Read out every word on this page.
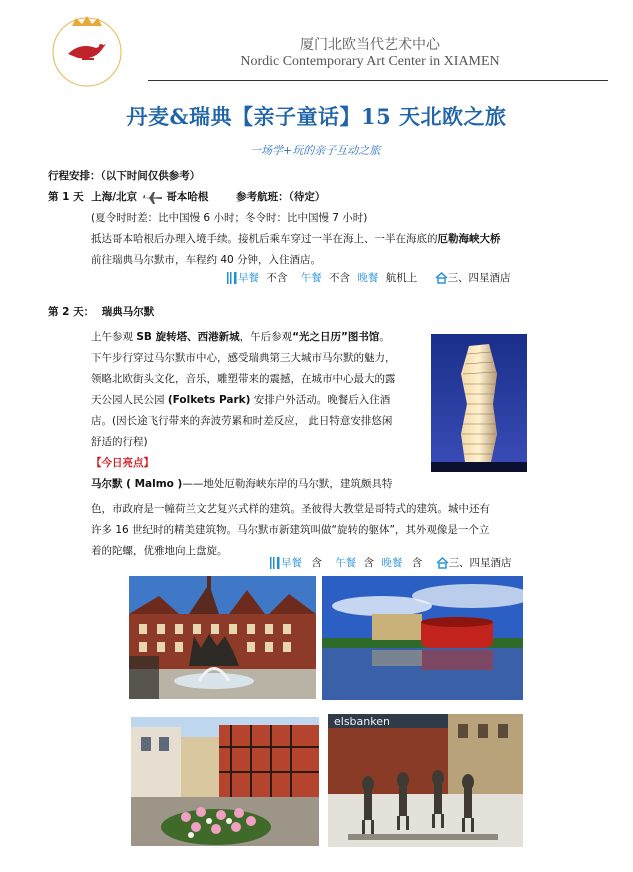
厦门北欧当代艺术中心
Nordic Contemporary Art Center in XIAMEN
丹麦&瑞典【亲子童话】15 天北欧之旅
一场学+玩的亲子互动之旅
行程安排：（以下时间仅供参考）
第 1 天 上海/北京	哥本哈根	参考航班：（待定）
(夏令时时差：比中国慢 6 小时；冬令时：比中国慢 7 小时)
抵达哥本哈根后办理入境手续。接机后乘车穿过一半在海上、一半在海底的厄勒海峡大桥
前往瑞典马尔默市，车程约 40 分钟，入住酒店。
早餐 不含 午餐 不含 晚餐 航机上	三、四星酒店
第 2 天： 瑞典马尔默
上午参观 SB 旋转塔、西港新城，午后参观“光之日历”图书馆。
下午步行穿过马尔默市中心，感受瑞典第三大城市马尔默的魅力，
领略北欧街头文化，音乐，雕塑带来的震撼，在城市中心最大的露
天公园人民公园 (Folkets Park) 安排户外活动。晚餐后入住酒
店。(因长途飞行带来的奔波劳累和时差反应， 此日特意安排悠闲
舒适的行程)
【今日亮点】
马尔默 ( Malmo )——地处厄勒海峡东岸的马尔默，建筑颇具特
色，市政府是一幢荷兰文艺复兴式样的建筑。圣彼得大教堂是哥特式的建筑。城中还有
许多 16 世纪时的精美建筑物。马尔默市新建筑叫做“旋转的躯体”，其外观像是一个立
着的陀螺，优雅地向上盘旋。
早餐 含 午餐 含 晚餐 含	三、四星酒店
elsbanken
